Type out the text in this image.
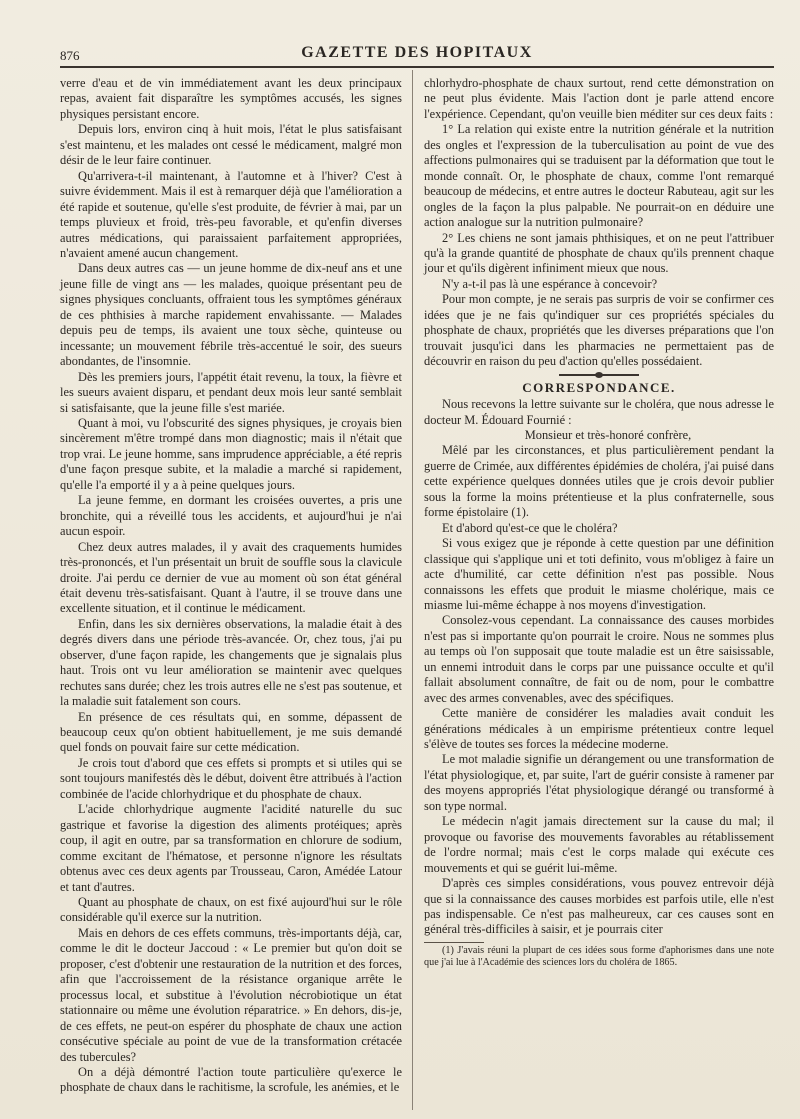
876	GAZETTE DES HOPITAUX

verre d'eau et de vin immédiatement avant les deux principaux repas, avaient fait disparaître les symptômes accusés, les signes physiques persistant encore.

Depuis lors, environ cinq à huit mois, l'état le plus satisfaisant s'est maintenu, et les malades ont cessé le médicament, malgré mon désir de le leur faire continuer.

Qu'arrivera-t-il maintenant, à l'automne et à l'hiver? C'est à suivre évidemment. Mais il est à remarquer déjà que l'amélioration a été rapide et soutenue, qu'elle s'est produite, de février à mai, par un temps pluvieux et froid, très-peu favorable, et qu'enfin diverses autres médications, qui paraissaient parfaitement appropriées, n'avaient amené aucun changement.

Dans deux autres cas — un jeune homme de dix-neuf ans et une jeune fille de vingt ans — les malades, quoique présentant peu de signes physiques concluants, offraient tous les symptômes généraux de ces phthisies à marche rapidement envahissante. — Malades depuis peu de temps, ils avaient une toux sèche, quinteuse ou incessante; un mouvement fébrile très-accentué le soir, des sueurs abondantes, de l'insomnie.

Dès les premiers jours, l'appétit était revenu, la toux, la fièvre et les sueurs avaient disparu, et pendant deux mois leur santé semblait si satisfaisante, que la jeune fille s'est mariée.

Quant à moi, vu l'obscurité des signes physiques, je croyais bien sincèrement m'être trompé dans mon diagnostic; mais il n'était que trop vrai. Le jeune homme, sans imprudence appréciable, a été repris d'une façon presque subite, et la maladie a marché si rapidement, qu'elle l'a emporté il y a à peine quelques jours.

La jeune femme, en dormant les croisées ouvertes, a pris une bronchite, qui a réveillé tous les accidents, et aujourd'hui je n'ai aucun espoir.

Chez deux autres malades, il y avait des craquements humides très-prononcés, et l'un présentait un bruit de souffle sous la clavicule droite. J'ai perdu ce dernier de vue au moment où son état général était devenu très-satisfaisant. Quant à l'autre, il se trouve dans une excellente situation, et il continue le médicament.

Enfin, dans les six dernières observations, la maladie était à des degrés divers dans une période très-avancée. Or, chez tous, j'ai pu observer, d'une façon rapide, les changements que je signalais plus haut. Trois ont vu leur amélioration se maintenir avec quelques rechutes sans durée; chez les trois autres elle ne s'est pas soutenue, et la maladie suit fatalement son cours.

En présence de ces résultats qui, en somme, dépassent de beaucoup ceux qu'on obtient habituellement, je me suis demandé quel fonds on pouvait faire sur cette médication.

Je crois tout d'abord que ces effets si prompts et si utiles qui se sont toujours manifestés dès le début, doivent être attribués à l'action combinée de l'acide chlorhydrique et du phosphate de chaux.

L'acide chlorhydrique augmente l'acidité naturelle du suc gastrique et favorise la digestion des aliments protéiques; après coup, il agit en outre, par sa transformation en chlorure de sodium, comme excitant de l'hématose, et personne n'ignore les résultats obtenus avec ces deux agents par Trousseau, Caron, Amédée Latour et tant d'autres.

Quant au phosphate de chaux, on est fixé aujourd'hui sur le rôle considérable qu'il exerce sur la nutrition.

Mais en dehors de ces effets communs, très-importants déjà, car, comme le dit le docteur Jaccoud : « Le premier but qu'on doit se proposer, c'est d'obtenir une restauration de la nutrition et des forces, afin que l'accroissement de la résistance organique arrête le processus local, et substitue à l'évolution nécrobiotique un état stationnaire ou même une évolution réparatrice. » En dehors, dis-je, de ces effets, ne peut-on espérer du phosphate de chaux une action consécutive spéciale au point de vue de la transformation crétacée des tubercules?

On a déjà démontré l'action toute particulière qu'exerce le phosphate de chaux dans le rachitisme, la scrofule, les anémies, et le

chlorhydro-phosphate de chaux surtout, rend cette démonstration on ne peut plus évidente. Mais l'action dont je parle attend encore l'expérience. Cependant, qu'on veuille bien méditer sur ces deux faits :

1° La relation qui existe entre la nutrition générale et la nutrition des ongles et l'expression de la tuberculisation au point de vue des affections pulmonaires qui se traduisent par la déformation que tout le monde connaît. Or, le phosphate de chaux, comme l'ont remarqué beaucoup de médecins, et entre autres le docteur Rabuteau, agit sur les ongles de la façon la plus palpable. Ne pourrait-on en déduire une action analogue sur la nutrition pulmonaire?

2° Les chiens ne sont jamais phthisiques, et on ne peut l'attribuer qu'à la grande quantité de phosphate de chaux qu'ils prennent chaque jour et qu'ils digèrent infiniment mieux que nous.

N'y a-t-il pas là une espérance à concevoir?

Pour mon compte, je ne serais pas surpris de voir se confirmer ces idées que je ne fais qu'indiquer sur ces propriétés spéciales du phosphate de chaux, propriétés que les diverses préparations que l'on trouvait jusqu'ici dans les pharmacies ne permettaient pas de découvrir en raison du peu d'action qu'elles possédaient.

CORRESPONDANCE.

Nous recevons la lettre suivante sur le choléra, que nous adresse le docteur M. Édouard Fournié :

Monsieur et très-honoré confrère,

Mêlé par les circonstances, et plus particulièrement pendant la guerre de Crimée, aux différentes épidémies de choléra, j'ai puisé dans cette expérience quelques données utiles que je crois devoir publier sous la forme la moins prétentieuse et la plus confraternelle, sous forme épistolaire (1).

Et d'abord qu'est-ce que le choléra?

Si vous exigez que je réponde à cette question par une définition classique qui s'applique uni et toti definito, vous m'obligez à faire un acte d'humilité, car cette définition n'est pas possible. Nous connaissons les effets que produit le miasme cholérique, mais ce miasme lui-même échappe à nos moyens d'investigation.

Consolez-vous cependant. La connaissance des causes morbides n'est pas si importante qu'on pourrait le croire. Nous ne sommes plus au temps où l'on supposait que toute maladie est un être saisissable, un ennemi introduit dans le corps par une puissance occulte et qu'il fallait absolument connaître, de fait ou de nom, pour le combattre avec des armes convenables, avec des spécifiques.

Cette manière de considérer les maladies avait conduit les générations médicales à un empirisme prétentieux contre lequel s'élève de toutes ses forces la médecine moderne.

Le mot maladie signifie un dérangement ou une transformation de l'état physiologique, et, par suite, l'art de guérir consiste à ramener par des moyens appropriés l'état physiologique dérangé ou transformé à son type normal.

Le médecin n'agit jamais directement sur la cause du mal; il provoque ou favorise des mouvements favorables au rétablissement de l'ordre normal; mais c'est le corps malade qui exécute ces mouvements et qui se guérit lui-même.

D'après ces simples considérations, vous pouvez entrevoir déjà que si la connaissance des causes morbides est parfois utile, elle n'est pas indispensable. Ce n'est pas malheureux, car ces causes sont en général très-difficiles à saisir, et je pourrais citer

(1) J'avais réuni la plupart de ces idées sous forme d'aphorismes dans une note que j'ai lue à l'Académie des sciences lors du choléra de 1865.
